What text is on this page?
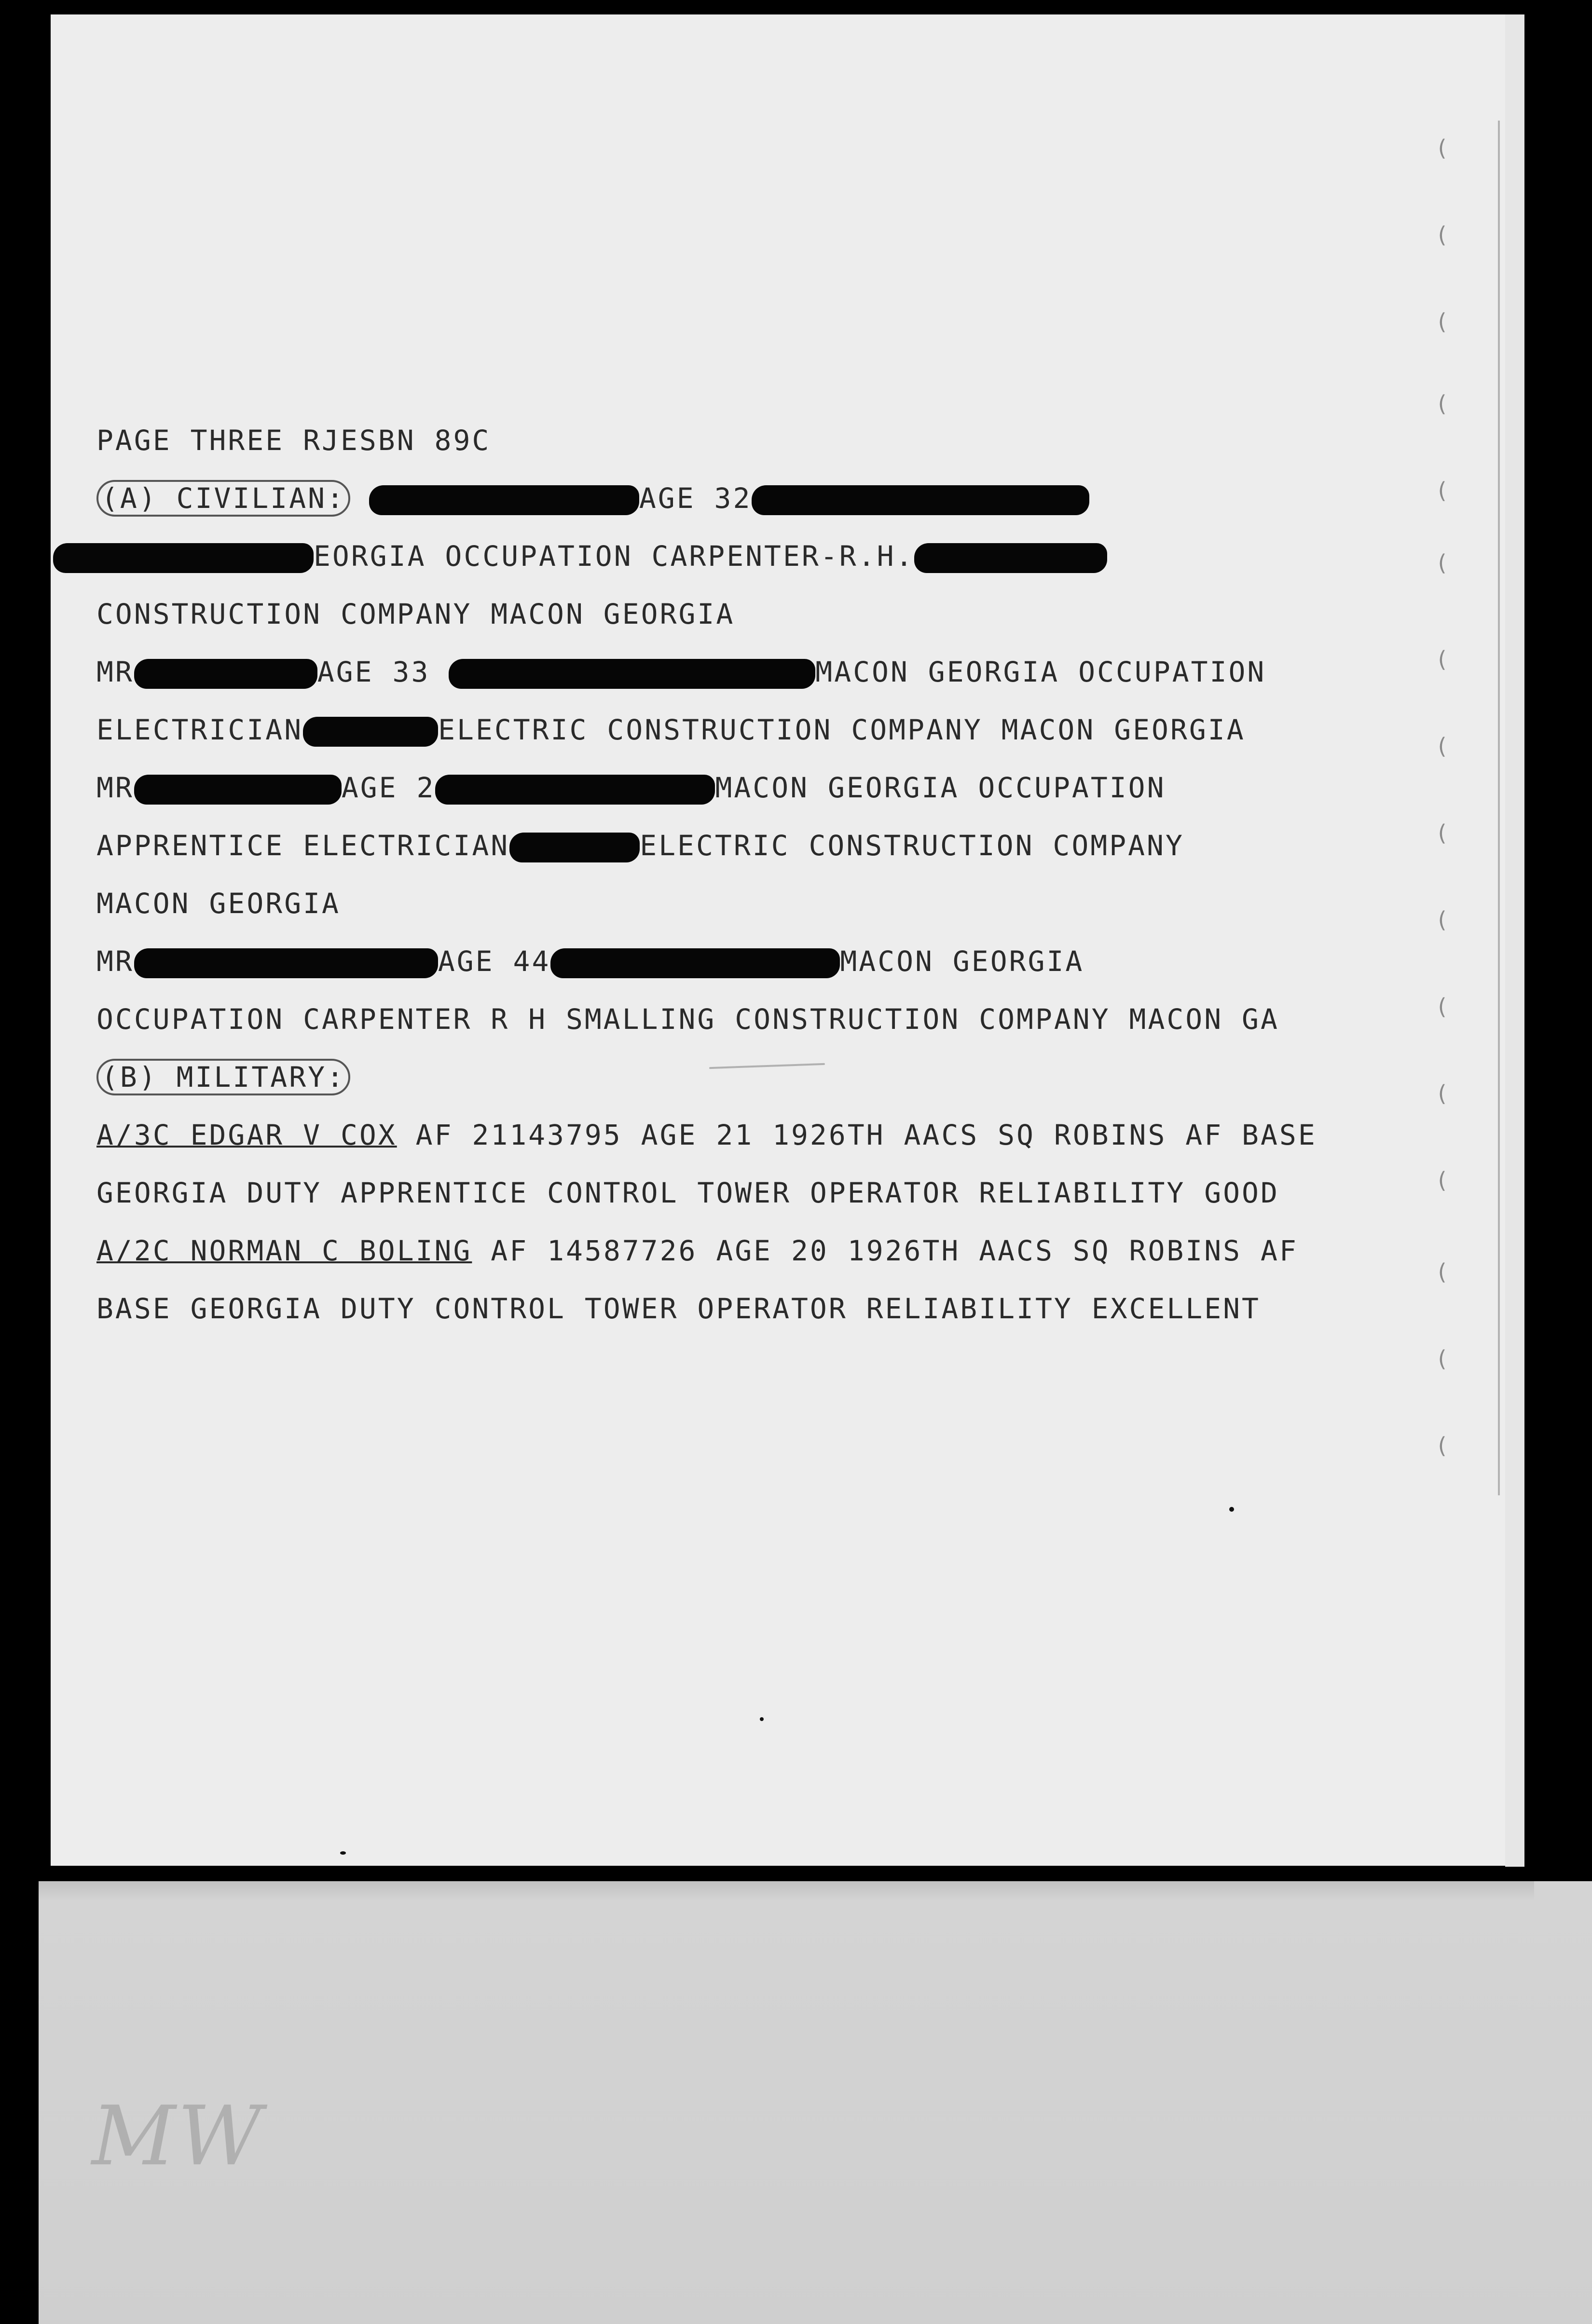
(
(
(
(
(
(
(
(
(
(
(
(
(
(
(
(
PAGE THREE RJESBN 89C
(A) CIVILIAN:	AGE 32
EORGIA OCCUPATION CARPENTER-R.H.
CONSTRUCTION COMPANY MACON GEORGIA
MR	AGE 33	MACON GEORGIA OCCUPATION
ELECTRICIAN	ELECTRIC CONSTRUCTION COMPANY MACON GEORGIA
MR	AGE 2	MACON GEORGIA OCCUPATION
APPRENTICE ELECTRICIAN	ELECTRIC CONSTRUCTION COMPANY
MACON GEORGIA
MR	AGE 44	MACON GEORGIA
OCCUPATION CARPENTER R H SMALLING CONSTRUCTION COMPANY MACON GA
(B) MILITARY:
A/3C EDGAR V COX AF 21143795 AGE 21 1926TH AACS SQ ROBINS AF BASE
GEORGIA DUTY APPRENTICE CONTROL TOWER OPERATOR RELIABILITY GOOD
A/2C NORMAN C BOLING AF 14587726 AGE 20 1926TH AACS SQ ROBINS AF
BASE GEORGIA DUTY CONTROL TOWER OPERATOR RELIABILITY EXCELLENT
MW
